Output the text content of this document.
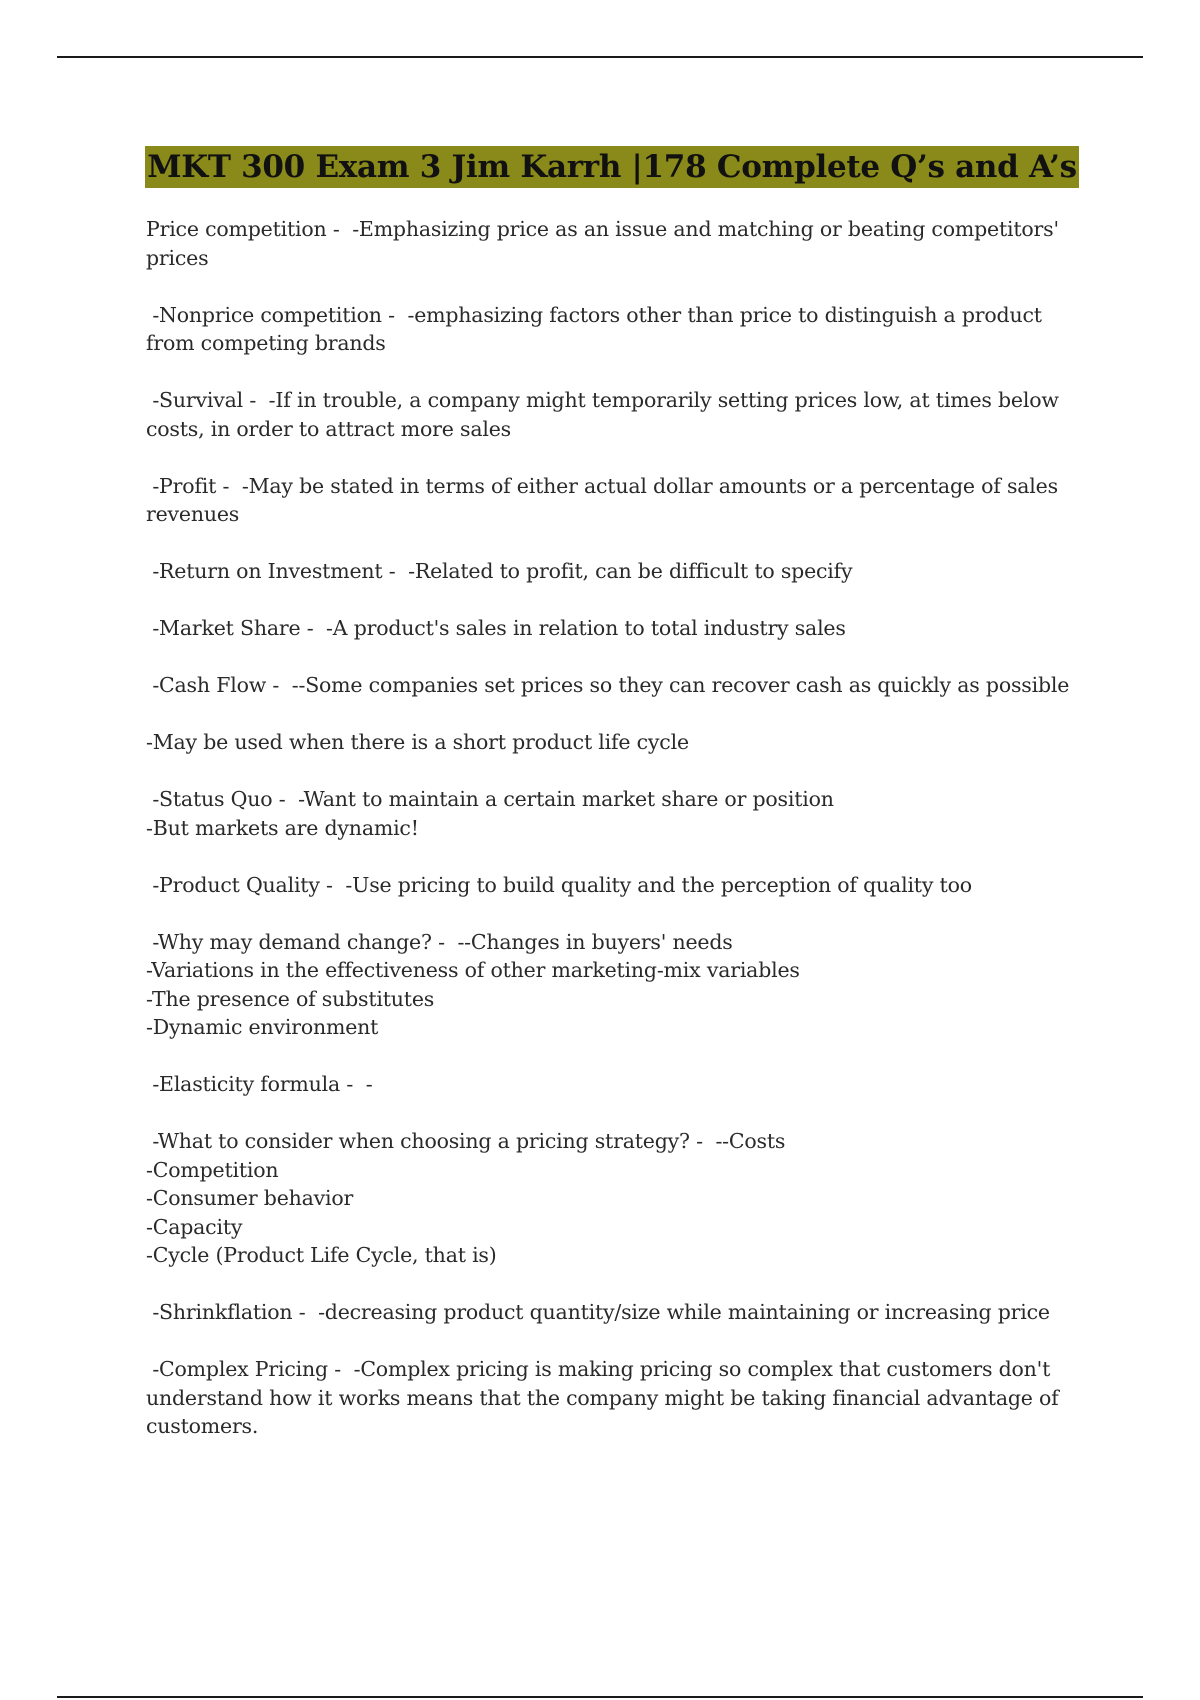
MKT 300 Exam 3 Jim Karrh |178 Complete Q’s and A’s
Price competition -  -Emphasizing price as an issue and matching or beating competitors'
prices
-Nonprice competition -  -emphasizing factors other than price to distinguish a product
from competing brands
-Survival -  -If in trouble, a company might temporarily setting prices low, at times below
costs, in order to attract more sales
-Profit -  -May be stated in terms of either actual dollar amounts or a percentage of sales
revenues
-Return on Investment -  -Related to profit, can be difficult to specify
-Market Share -  -A product's sales in relation to total industry sales
-Cash Flow -  --Some companies set prices so they can recover cash as quickly as possible
-May be used when there is a short product life cycle
-Status Quo -  -Want to maintain a certain market share or position
-But markets are dynamic!
-Product Quality -  -Use pricing to build quality and the perception of quality too
-Why may demand change? -  --Changes in buyers' needs
-Variations in the effectiveness of other marketing-mix variables
-The presence of substitutes
-Dynamic environment
-Elasticity formula -  -
-What to consider when choosing a pricing strategy? -  --Costs
-Competition
-Consumer behavior
-Capacity
-Cycle (Product Life Cycle, that is)
-Shrinkflation -  -decreasing product quantity/size while maintaining or increasing price
-Complex Pricing -  -Complex pricing is making pricing so complex that customers don't
understand how it works means that the company might be taking financial advantage of
customers.
